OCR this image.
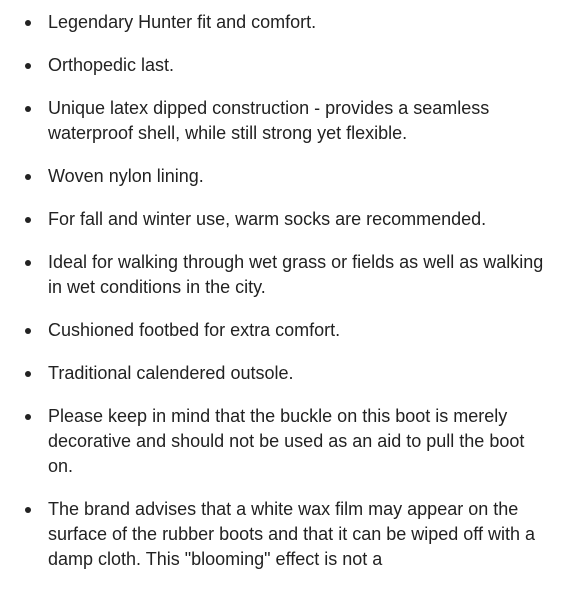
Legendary Hunter fit and comfort.
Orthopedic last.
Unique latex dipped construction - provides a seamless waterproof shell, while still strong yet flexible.
Woven nylon lining.
For fall and winter use, warm socks are recommended.
Ideal for walking through wet grass or fields as well as walking in wet conditions in the city.
Cushioned footbed for extra comfort.
Traditional calendered outsole.
Please keep in mind that the buckle on this boot is merely decorative and should not be used as an aid to pull the boot on.
The brand advises that a white wax film may appear on the surface of the rubber boots and that it can be wiped off with a damp cloth. This "blooming" effect is not a
